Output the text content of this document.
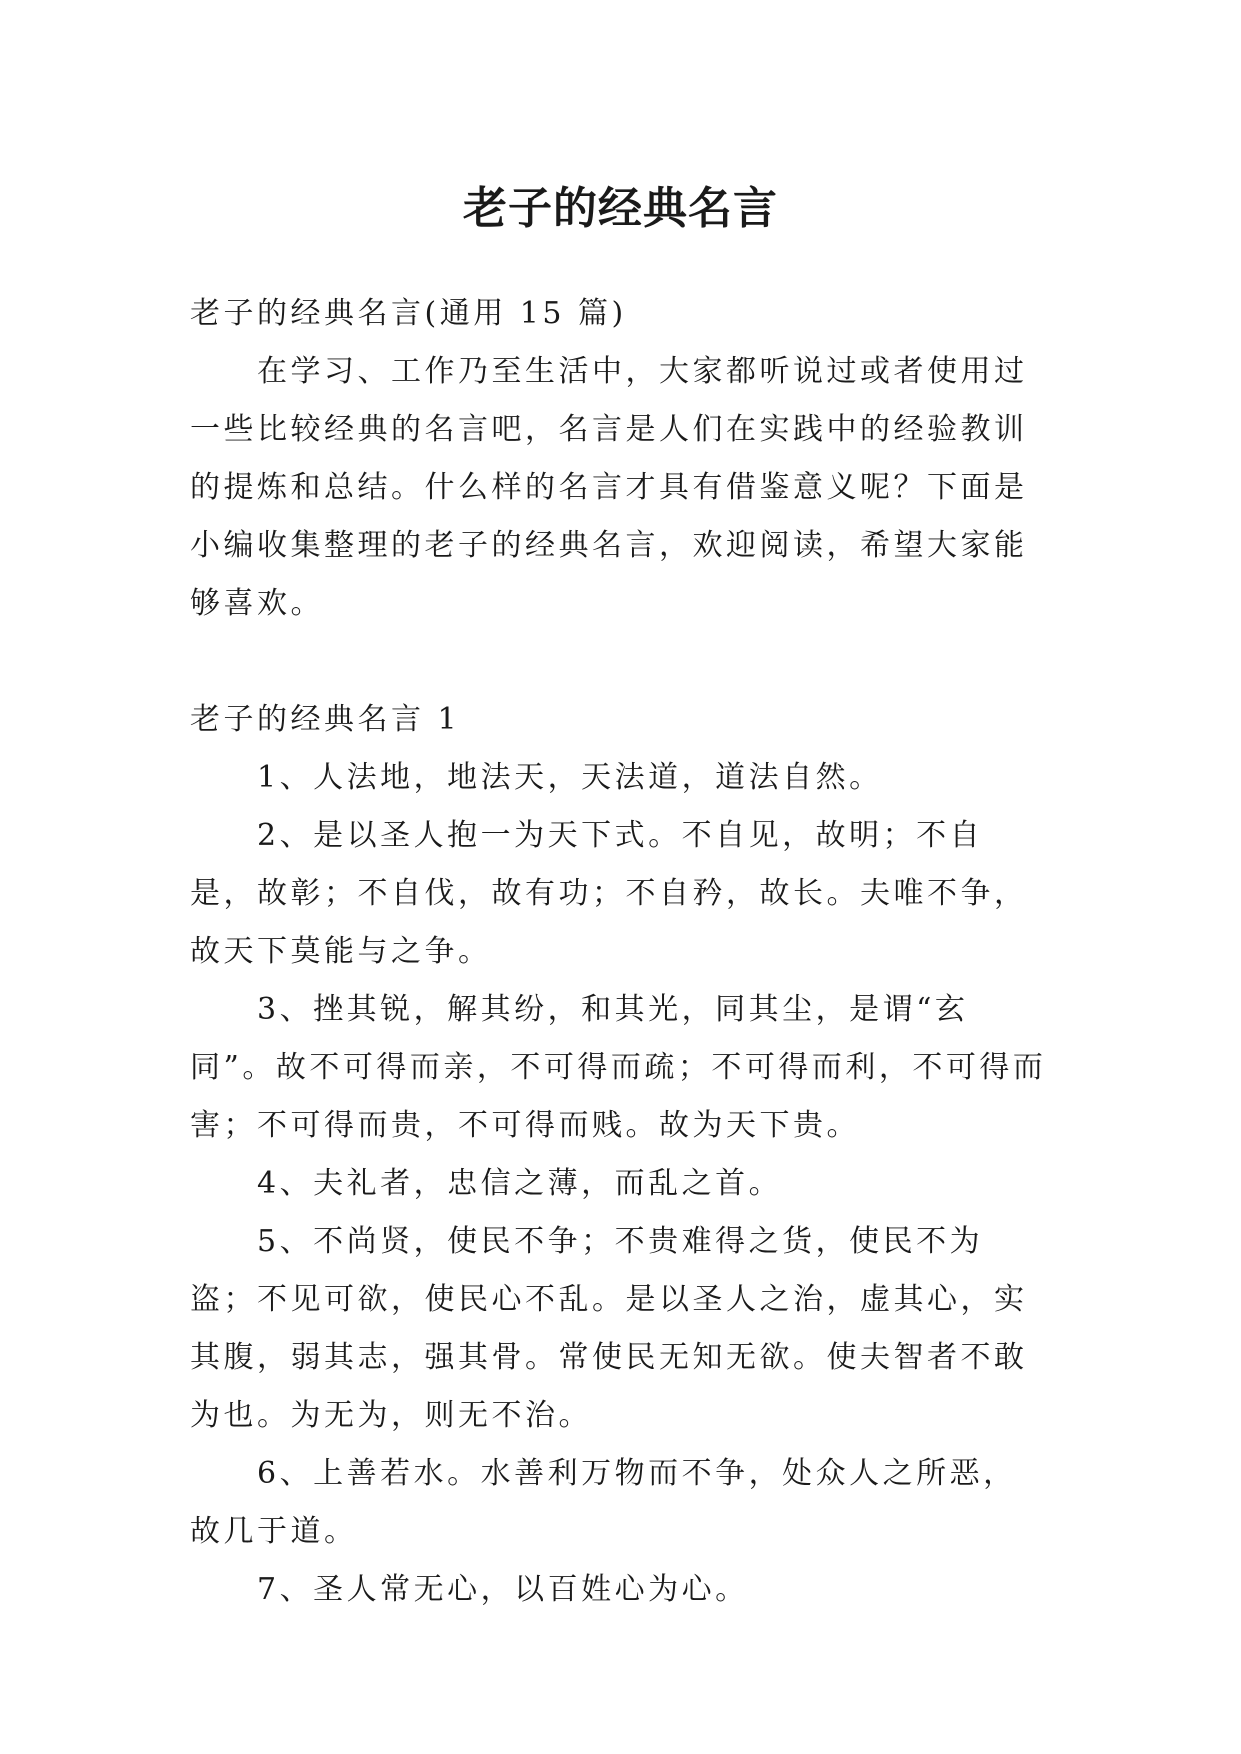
老子的经典名言

老子的经典名言(通用 15 篇)

在学习、工作乃至生活中，大家都听说过或者使用过一些比较经典的名言吧，名言是人们在实践中的经验教训的提炼和总结。什么样的名言才具有借鉴意义呢？下面是小编收集整理的老子的经典名言，欢迎阅读，希望大家能够喜欢。

老子的经典名言 1

1、人法地，地法天，天法道，道法自然。

2、是以圣人抱一为天下式。不自见，故明；不自是，故彰；不自伐，故有功；不自矜，故长。夫唯不争，故天下莫能与之争。

3、挫其锐，解其纷，和其光，同其尘，是谓“玄同”。故不可得而亲，不可得而疏；不可得而利，不可得而害；不可得而贵，不可得而贱。故为天下贵。

4、夫礼者，忠信之薄，而乱之首。

5、不尚贤，使民不争；不贵难得之货，使民不为盗；不见可欲，使民心不乱。是以圣人之治，虚其心，实其腹，弱其志，强其骨。常使民无知无欲。使夫智者不敢为也。为无为，则无不治。

6、上善若水。水善利万物而不争，处众人之所恶，故几于道。

7、圣人常无心，以百姓心为心。
